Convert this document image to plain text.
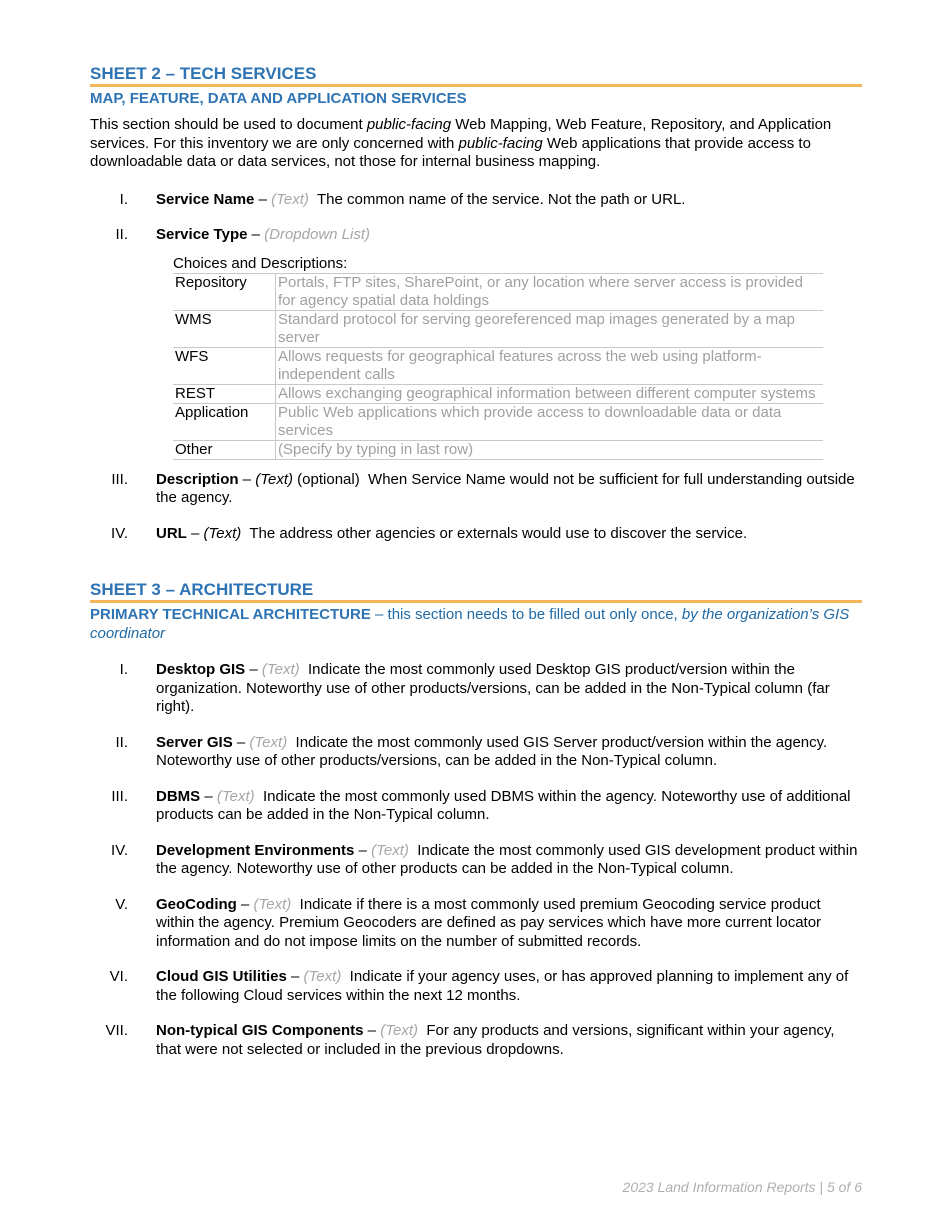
SHEET 2 – TECH SERVICES
MAP, FEATURE, DATA AND APPLICATION SERVICES

This section should be used to document public-facing Web Mapping, Web Feature, Repository, and Application services. For this inventory we are only concerned with public-facing Web applications that provide access to downloadable data or data services, not those for internal business mapping.

I.	Service Name – (Text) The common name of the service. Not the path or URL.
II.	Service Type – (Dropdown List)
Choices and Descriptions:
Repository	Portals, FTP sites, SharePoint, or any location where server access is provided for agency spatial data holdings
WMS	Standard protocol for serving georeferenced map images generated by a map server
WFS	Allows requests for geographical features across the web using platform-independent calls
REST	Allows exchanging geographical information between different computer systems
Application	Public Web applications which provide access to downloadable data or data services
Other	(Specify by typing in last row)
III.	Description – (Text) (optional) When Service Name would not be sufficient for full understanding outside the agency.
IV.	URL – (Text) The address other agencies or externals would use to discover the service.
SHEET 3 – ARCHITECTURE
PRIMARY TECHNICAL ARCHITECTURE – this section needs to be filled out only once, by the organization’s GIS coordinator
I.	Desktop GIS – (Text) Indicate the most commonly used Desktop GIS product/version within the organization. Noteworthy use of other products/versions, can be added in the Non-Typical column (far right).
II.	Server GIS – (Text) Indicate the most commonly used GIS Server product/version within the agency. Noteworthy use of other products/versions, can be added in the Non-Typical column.
III.	DBMS – (Text) Indicate the most commonly used DBMS within the agency. Noteworthy use of additional products can be added in the Non-Typical column.
IV.	Development Environments – (Text) Indicate the most commonly used GIS development product within the agency. Noteworthy use of other products can be added in the Non-Typical column.
V.	GeoCoding – (Text) Indicate if there is a most commonly used premium Geocoding service product within the agency. Premium Geocoders are defined as pay services which have more current locator information and do not impose limits on the number of submitted records.
VI.	Cloud GIS Utilities – (Text) Indicate if your agency uses, or has approved planning to implement any of the following Cloud services within the next 12 months.
VII.	Non-typical GIS Components – (Text) For any products and versions, significant within your agency, that were not selected or included in the previous dropdowns.
2023 Land Information Reports | 5 of 6
